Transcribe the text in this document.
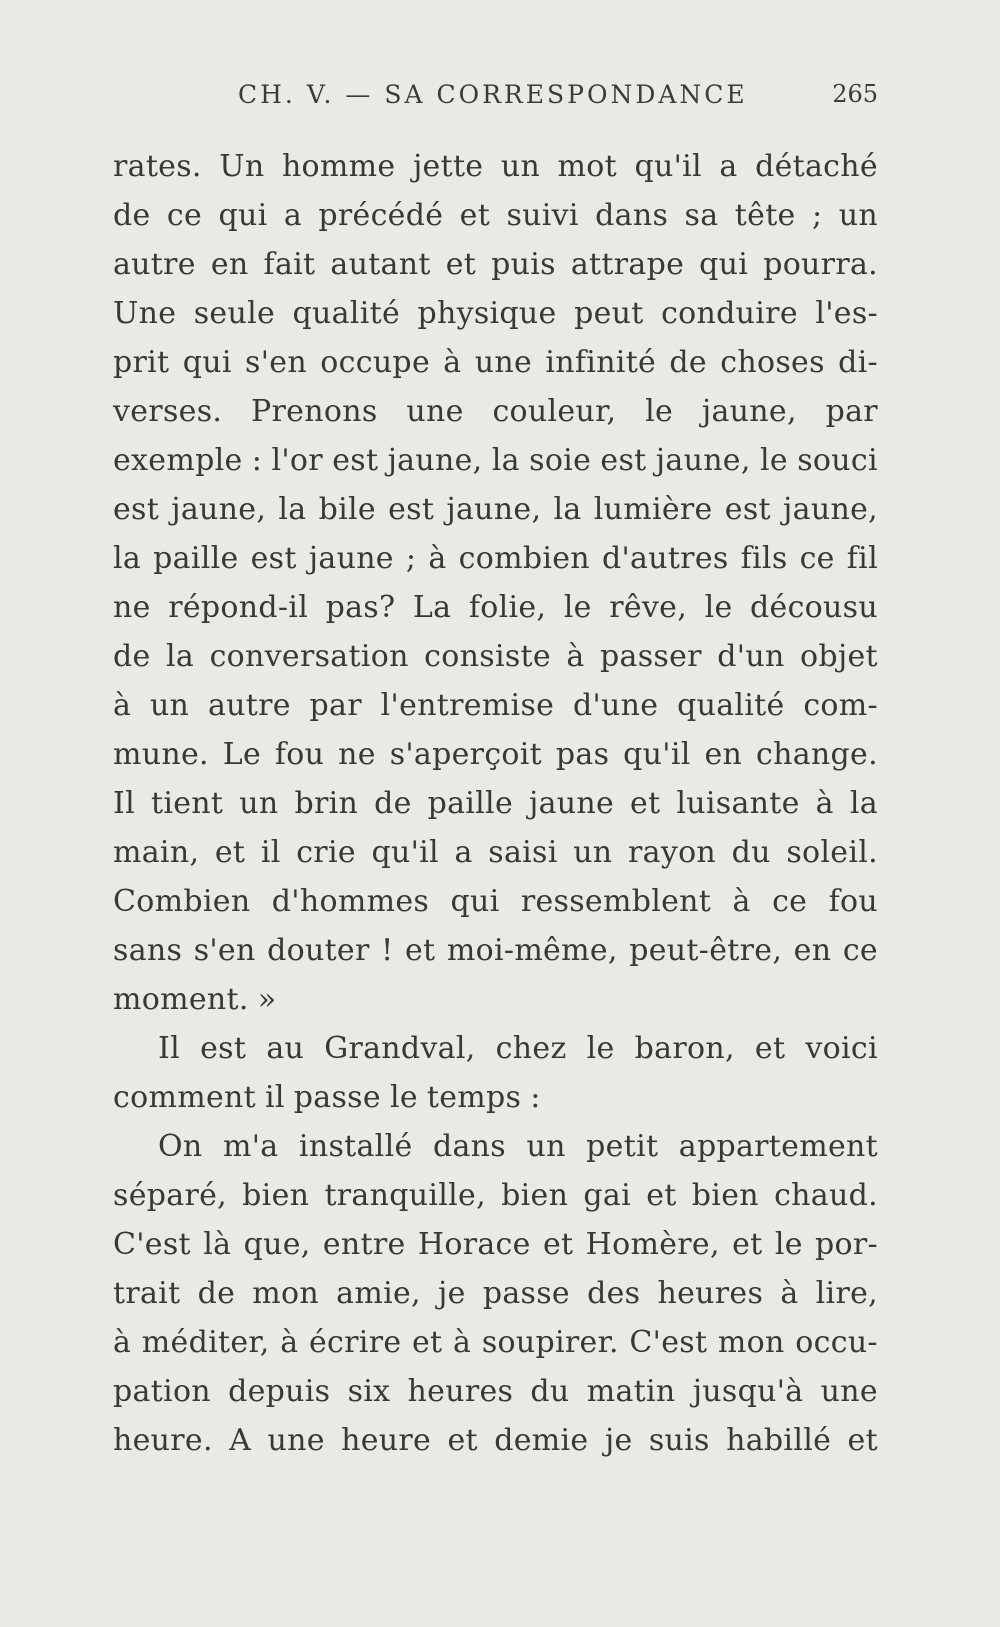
CH. V. — SA CORRESPONDANCE	265
rates. Un homme jette un mot qu'il a détaché
de ce qui a précédé et suivi dans sa tête ; un
autre en fait autant et puis attrape qui pourra.
Une seule qualité physique peut conduire l'es-
prit qui s'en occupe à une infinité de choses di-
verses. Prenons une couleur, le jaune, par
exemple : l'or est jaune, la soie est jaune, le souci
est jaune, la bile est jaune, la lumière est jaune,
la paille est jaune ; à combien d'autres fils ce fil
ne répond-il pas? La folie, le rêve, le décousu
de la conversation consiste à passer d'un objet
à un autre par l'entremise d'une qualité com-
mune. Le fou ne s'aperçoit pas qu'il en change.
Il tient un brin de paille jaune et luisante à la
main, et il crie qu'il a saisi un rayon du soleil.
Combien d'hommes qui ressemblent à ce fou
sans s'en douter ! et moi-même, peut-être, en ce
moment. »
Il est au Grandval, chez le baron, et voici
comment il passe le temps :
On m'a installé dans un petit appartement
séparé, bien tranquille, bien gai et bien chaud.
C'est là que, entre Horace et Homère, et le por-
trait de mon amie, je passe des heures à lire,
à méditer, à écrire et à soupirer. C'est mon occu-
pation depuis six heures du matin jusqu'à une
heure. A une heure et demie je suis habillé et
